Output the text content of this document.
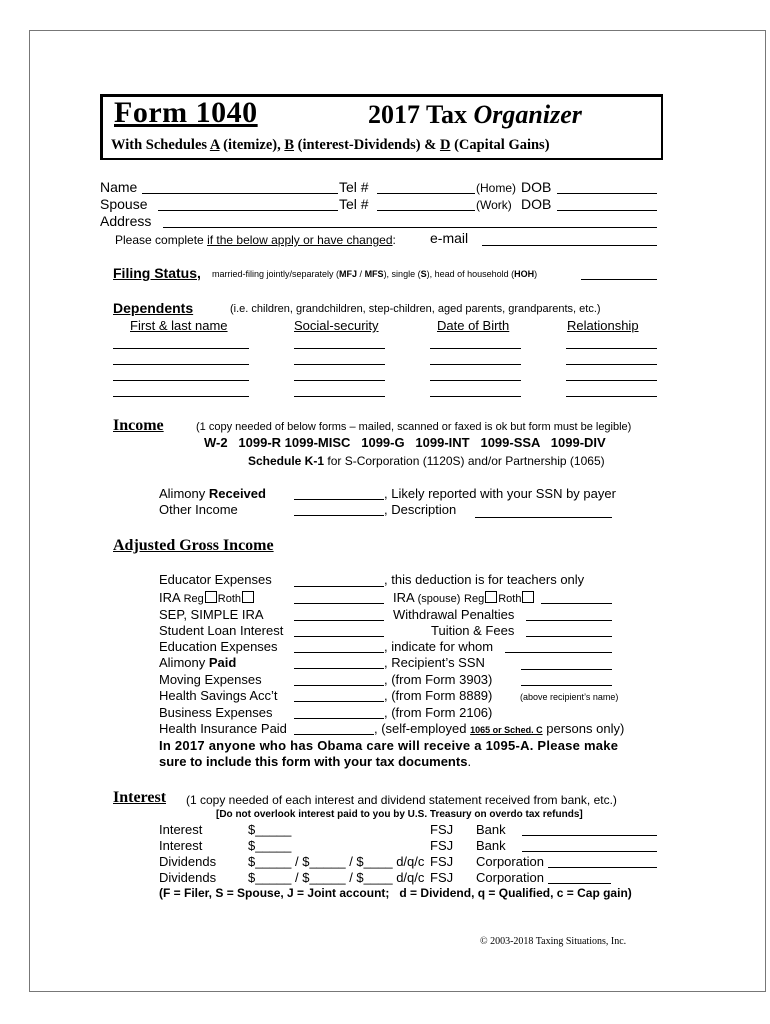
Form 1040	2017 Tax Organizer
With Schedules A (itemize), B (interest-Dividends) & D (Capital Gains)
Name	Tel #	(Home) DOB
Spouse	Tel #	(Work) DOB
Address
Please complete if the below apply or have changed: e-mail
Filing Status, married-filing jointly/separately (MFJ / MFS), single (S), head of household (HOH)
Dependents	(i.e. children, grandchildren, step-children, aged parents, grandparents, etc.)
First & last name	Social-security	Date of Birth	Relationship
Income	(1 copy needed of below forms – mailed, scanned or faxed is ok but form must be legible)
W-2   1099-R 1099-MISC   1099-G   1099-INT   1099-SSA   1099-DIV
Schedule K-1 for S-Corporation (1120S) and/or Partnership (1065)
Alimony Received	, Likely reported with your SSN by payer
Other Income	, Description
Adjusted Gross Income
Educator Expenses	, this deduction is for teachers only
IRA Reg Roth	IRA (spouse) Reg Roth
SEP, SIMPLE IRA	Withdrawal Penalties
Student Loan Interest	Tuition & Fees
Education Expenses	, indicate for whom
Alimony Paid	, Recipient’s SSN
Moving Expenses	, (from Form 3903)
Health Savings Acc’t	, (from Form 8889)	(above recipient’s name)
Business Expenses	, (from Form 2106)
Health Insurance Paid	, (self-employed 1065 or Sched. C persons only)
In 2017 anyone who has Obama care will receive a 1095-A. Please make
sure to include this form with your tax documents.
Interest (1 copy needed of each interest and dividend statement received from bank, etc.)
[Do not overlook interest paid to you by U.S. Treasury on overdo tax refunds]
Interest	$_____	FSJ Bank
Interest	$_____	FSJ Bank
Dividends $_____ / $_____ / $____ d/q/c FSJ Corporation
Dividends $_____ / $_____ / $____ d/q/c FSJ Corporation
(F = Filer, S = Spouse, J = Joint account;   d = Dividend, q = Qualified, c = Cap gain)
© 2003-2018 Taxing Situations, Inc.
